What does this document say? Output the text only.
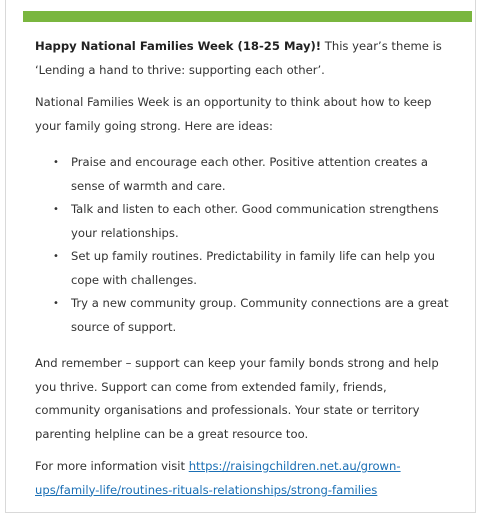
Happy National Families Week (18-25 May)! This year’s theme is ‘Lending a hand to thrive: supporting each other’.

National Families Week is an opportunity to think about how to keep your family going strong. Here are ideas:

• Praise and encourage each other. Positive attention creates a sense of warmth and care.
• Talk and listen to each other. Good communication strengthens your relationships.
• Set up family routines. Predictability in family life can help you cope with challenges.
• Try a new community group. Community connections are a great source of support.

And remember – support can keep your family bonds strong and help you thrive. Support can come from extended family, friends, community organisations and professionals. Your state or territory parenting helpline can be a great resource too.

For more information visit https://raisingchildren.net.au/grown-ups/family-life/routines-rituals-relationships/strong-families
